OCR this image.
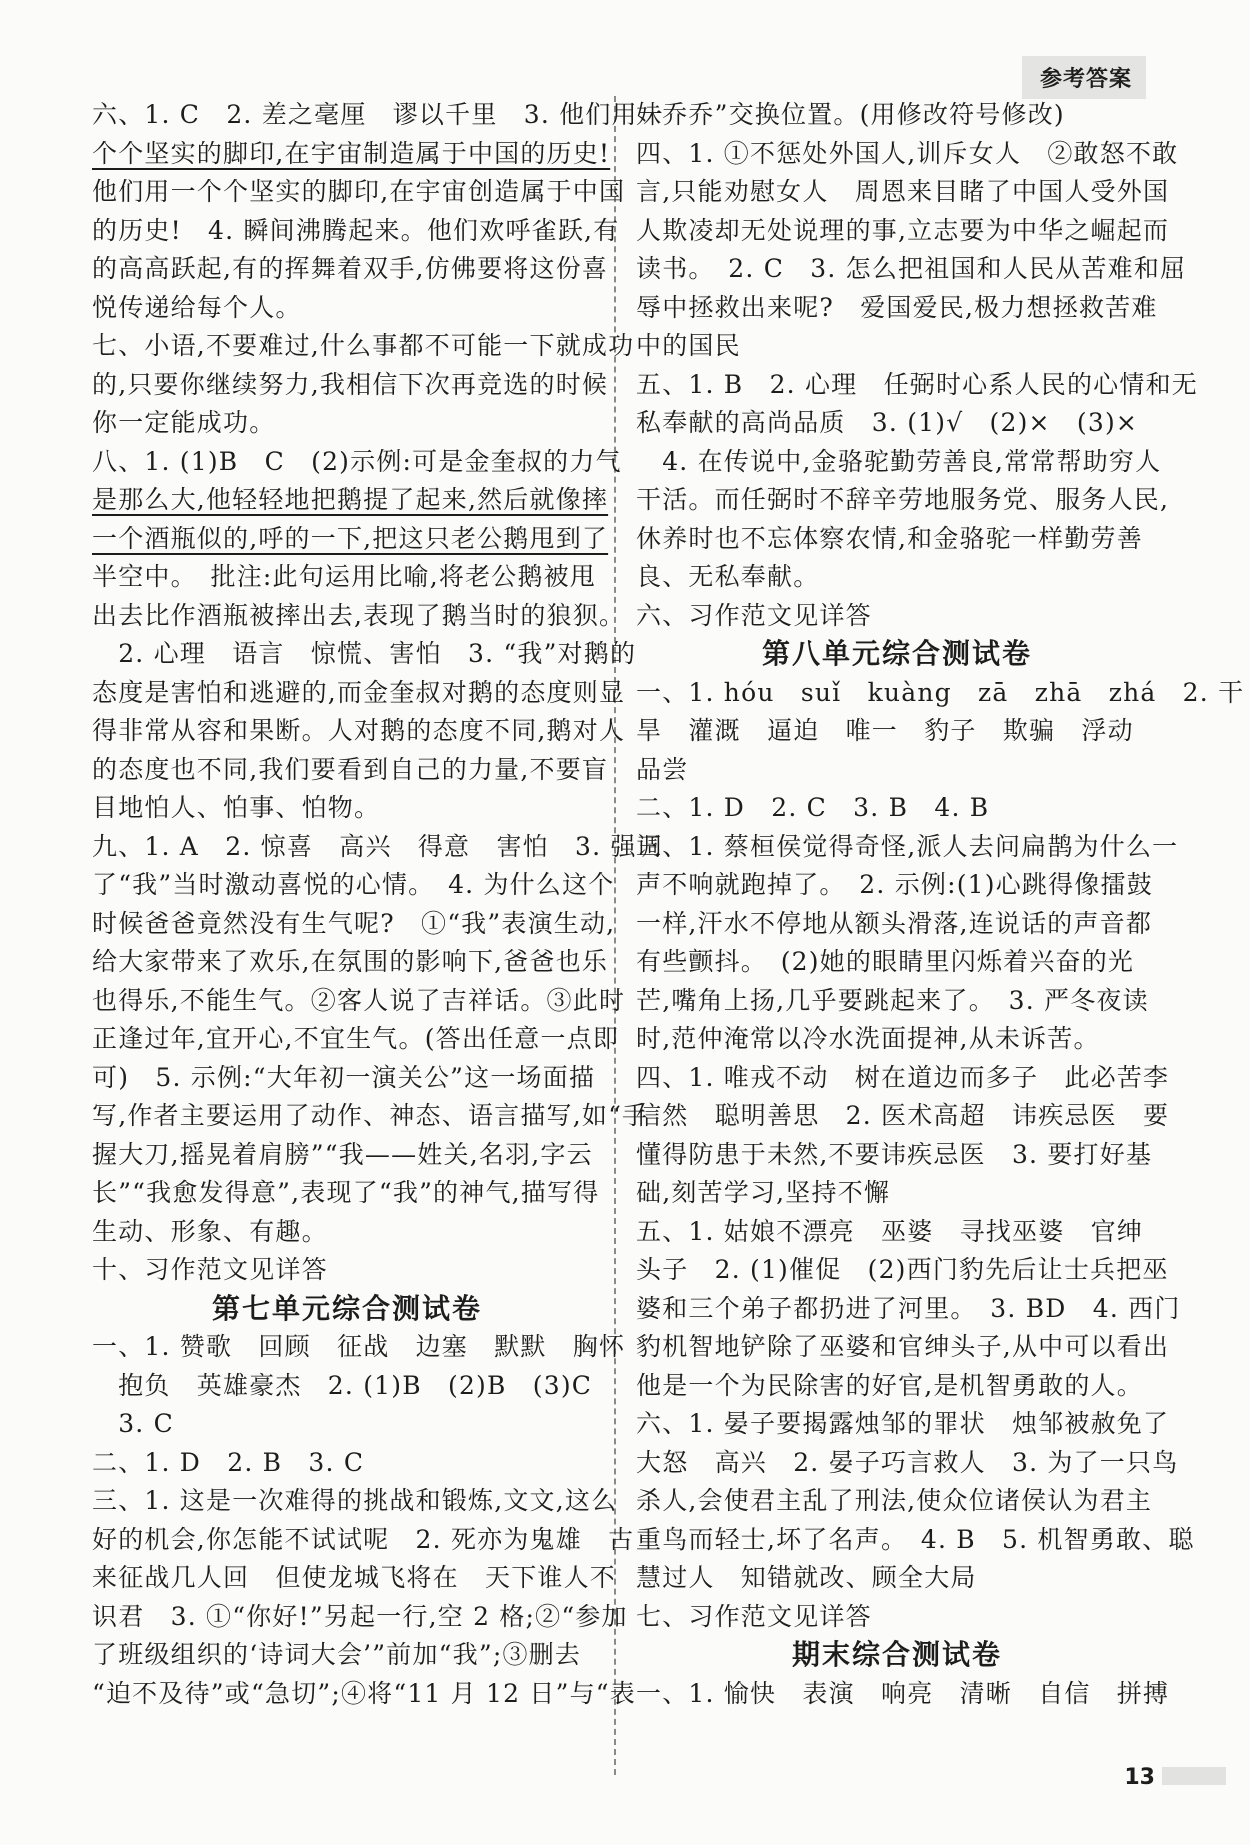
参考答案
六、1. C　2. 差之毫厘　谬以千里　3. 他们用一
个个坚实的脚印,在宇宙制造属于中国的历史!
他们用一个个坚实的脚印,在宇宙创造属于中国
的历史!　4. 瞬间沸腾起来。他们欢呼雀跃,有
的高高跃起,有的挥舞着双手,仿佛要将这份喜
悦传递给每个人。
七、小语,不要难过,什么事都不可能一下就成功
的,只要你继续努力,我相信下次再竞选的时候
你一定能成功。
八、1. (1)B　C　(2)示例:可是金奎叔的力气
是那么大,他轻轻地把鹅提了起来,然后就像摔
一个酒瓶似的,呼的一下,把这只老公鹅甩到了
半空中。　批注:此句运用比喻,将老公鹅被甩
出去比作酒瓶被摔出去,表现了鹅当时的狼狈。
　2. 心理　语言　惊慌、害怕　3. “我”对鹅的
态度是害怕和逃避的,而金奎叔对鹅的态度则显
得非常从容和果断。人对鹅的态度不同,鹅对人
的态度也不同,我们要看到自己的力量,不要盲
目地怕人、怕事、怕物。
九、1. A　2. 惊喜　高兴　得意　害怕　3. 强调
了“我”当时激动喜悦的心情。　4. 为什么这个
时候爸爸竟然没有生气呢?　①“我”表演生动,
给大家带来了欢乐,在氛围的影响下,爸爸也乐
也得乐,不能生气。②客人说了吉祥话。③此时
正逢过年,宜开心,不宜生气。(答出任意一点即
可)　5. 示例:“大年初一演关公”这一场面描
写,作者主要运用了动作、神态、语言描写,如“手
握大刀,摇晃着肩膀”“我——姓关,名羽,字云
长”“我愈发得意”,表现了“我”的神气,描写得
生动、形象、有趣。
十、习作范文见详答
第七单元综合测试卷
一、1. 赞歌　回顾　征战　边塞　默默　胸怀
　抱负　英雄豪杰　2. (1)B　(2)B　(3)C
　3. C
二、1. D　2. B　3. C
三、1. 这是一次难得的挑战和锻炼,文文,这么
好的机会,你怎能不试试呢　2. 死亦为鬼雄　古
来征战几人回　但使龙城飞将在　天下谁人不
识君　3. ①“你好!”另起一行,空 2 格;②“参加
了班级组织的‘诗词大会’”前加“我”;③删去
“迫不及待”或“急切”;④将“11 月 12 日”与“表
妹乔乔”交换位置。(用修改符号修改)
四、1. ①不惩处外国人,训斥女人　②敢怒不敢
言,只能劝慰女人　周恩来目睹了中国人受外国
人欺凌却无处说理的事,立志要为中华之崛起而
读书。　2. C　3. 怎么把祖国和人民从苦难和屈
辱中拯救出来呢?　爱国爱民,极力想拯救苦难
中的国民
五、1. B　2. 心理　任弼时心系人民的心情和无
私奉献的高尚品质　3. (1)√　(2)×　(3)×
　4. 在传说中,金骆驼勤劳善良,常常帮助穷人
干活。而任弼时不辞辛劳地服务党、服务人民,
休养时也不忘体察农情,和金骆驼一样勤劳善
良、无私奉献。
六、习作范文见详答
第八单元综合测试卷
一、1. hóu　suǐ　kuàng　zā　zhā　zhá　2. 干
旱　灌溉　逼迫　唯一　豹子　欺骗　浮动
品尝
二、1. D　2. C　3. B　4. B
三、1. 蔡桓侯觉得奇怪,派人去问扁鹊为什么一
声不响就跑掉了。　2. 示例:(1)心跳得像擂鼓
一样,汗水不停地从额头滑落,连说话的声音都
有些颤抖。　(2)她的眼睛里闪烁着兴奋的光
芒,嘴角上扬,几乎要跳起来了。　3. 严冬夜读
时,范仲淹常以冷水洗面提神,从未诉苦。
四、1. 唯戎不动　树在道边而多子　此必苦李
信然　聪明善思　2. 医术高超　讳疾忌医　要
懂得防患于未然,不要讳疾忌医　3. 要打好基
础,刻苦学习,坚持不懈
五、1. 姑娘不漂亮　巫婆　寻找巫婆　官绅
头子　2. (1)催促　(2)西门豹先后让士兵把巫
婆和三个弟子都扔进了河里。　3. BD　4. 西门
豹机智地铲除了巫婆和官绅头子,从中可以看出
他是一个为民除害的好官,是机智勇敢的人。
六、1. 晏子要揭露烛邹的罪状　烛邹被赦免了
大怒　高兴　2. 晏子巧言救人　3. 为了一只鸟
杀人,会使君主乱了刑法,使众位诸侯认为君主
重鸟而轻士,坏了名声。　4. B　5. 机智勇敢、聪
慧过人　知错就改、顾全大局
七、习作范文见详答
期末综合测试卷
一、1. 愉快　表演　响亮　清晰　自信　拼搏
13
